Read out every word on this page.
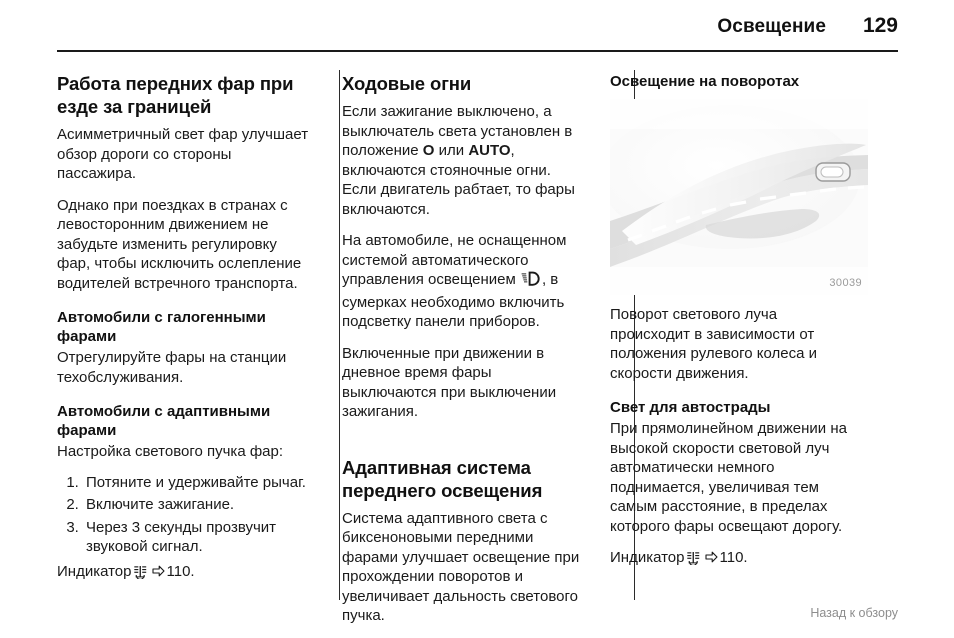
Освещение	129
Работа передних фар при езде за границей

Асимметричный свет фар улучшает обзор дороги со стороны пассажира.

Однако при поездках в странах с левосторонним движением не забудьте изменить регулировку фар, чтобы исключить ослепление водителей встречного транспорта.

Автомобили с галогенными фарами

Отрегулируйте фары на станции техобслуживания.

Автомобили с адаптивными фарами

Настройка светового пучка фар:

1. Потяните и удерживайте рычаг.
2. Включите зажигание.
3. Через 3 секунды прозвучит звуковой сигнал.

Индикатор 110.

Ходовые огни

Если зажигание выключено, а выключатель света установлен в положение O или AUTO, включаются стояночные огни. Если двигатель рабтает, то фары включаются.

На автомобиле, не оснащенном системой автоматического управления освещением , в сумерках необходимо включить подсветку панели приборов.

Включенные при движении в дневное время фары выключаются при выключении зажигания.

Адаптивная система переднего освещения

Система адаптивного света с биксеноновыми передними фарами улучшает освещение при прохождении поворотов и увеличивает дальность светового пучка.

Освещение на поворотах
30039

Поворот светового луча происходит в зависимости от положения рулевого колеса и скорости движения.

Свет для автострады

При прямолинейном движении на высокой скорости световой луч автоматически немного поднимается, увеличивая тем самым расстояние, в пределах которого фары освещают дорогу.

Индикатор 110.

Назад к обзору
